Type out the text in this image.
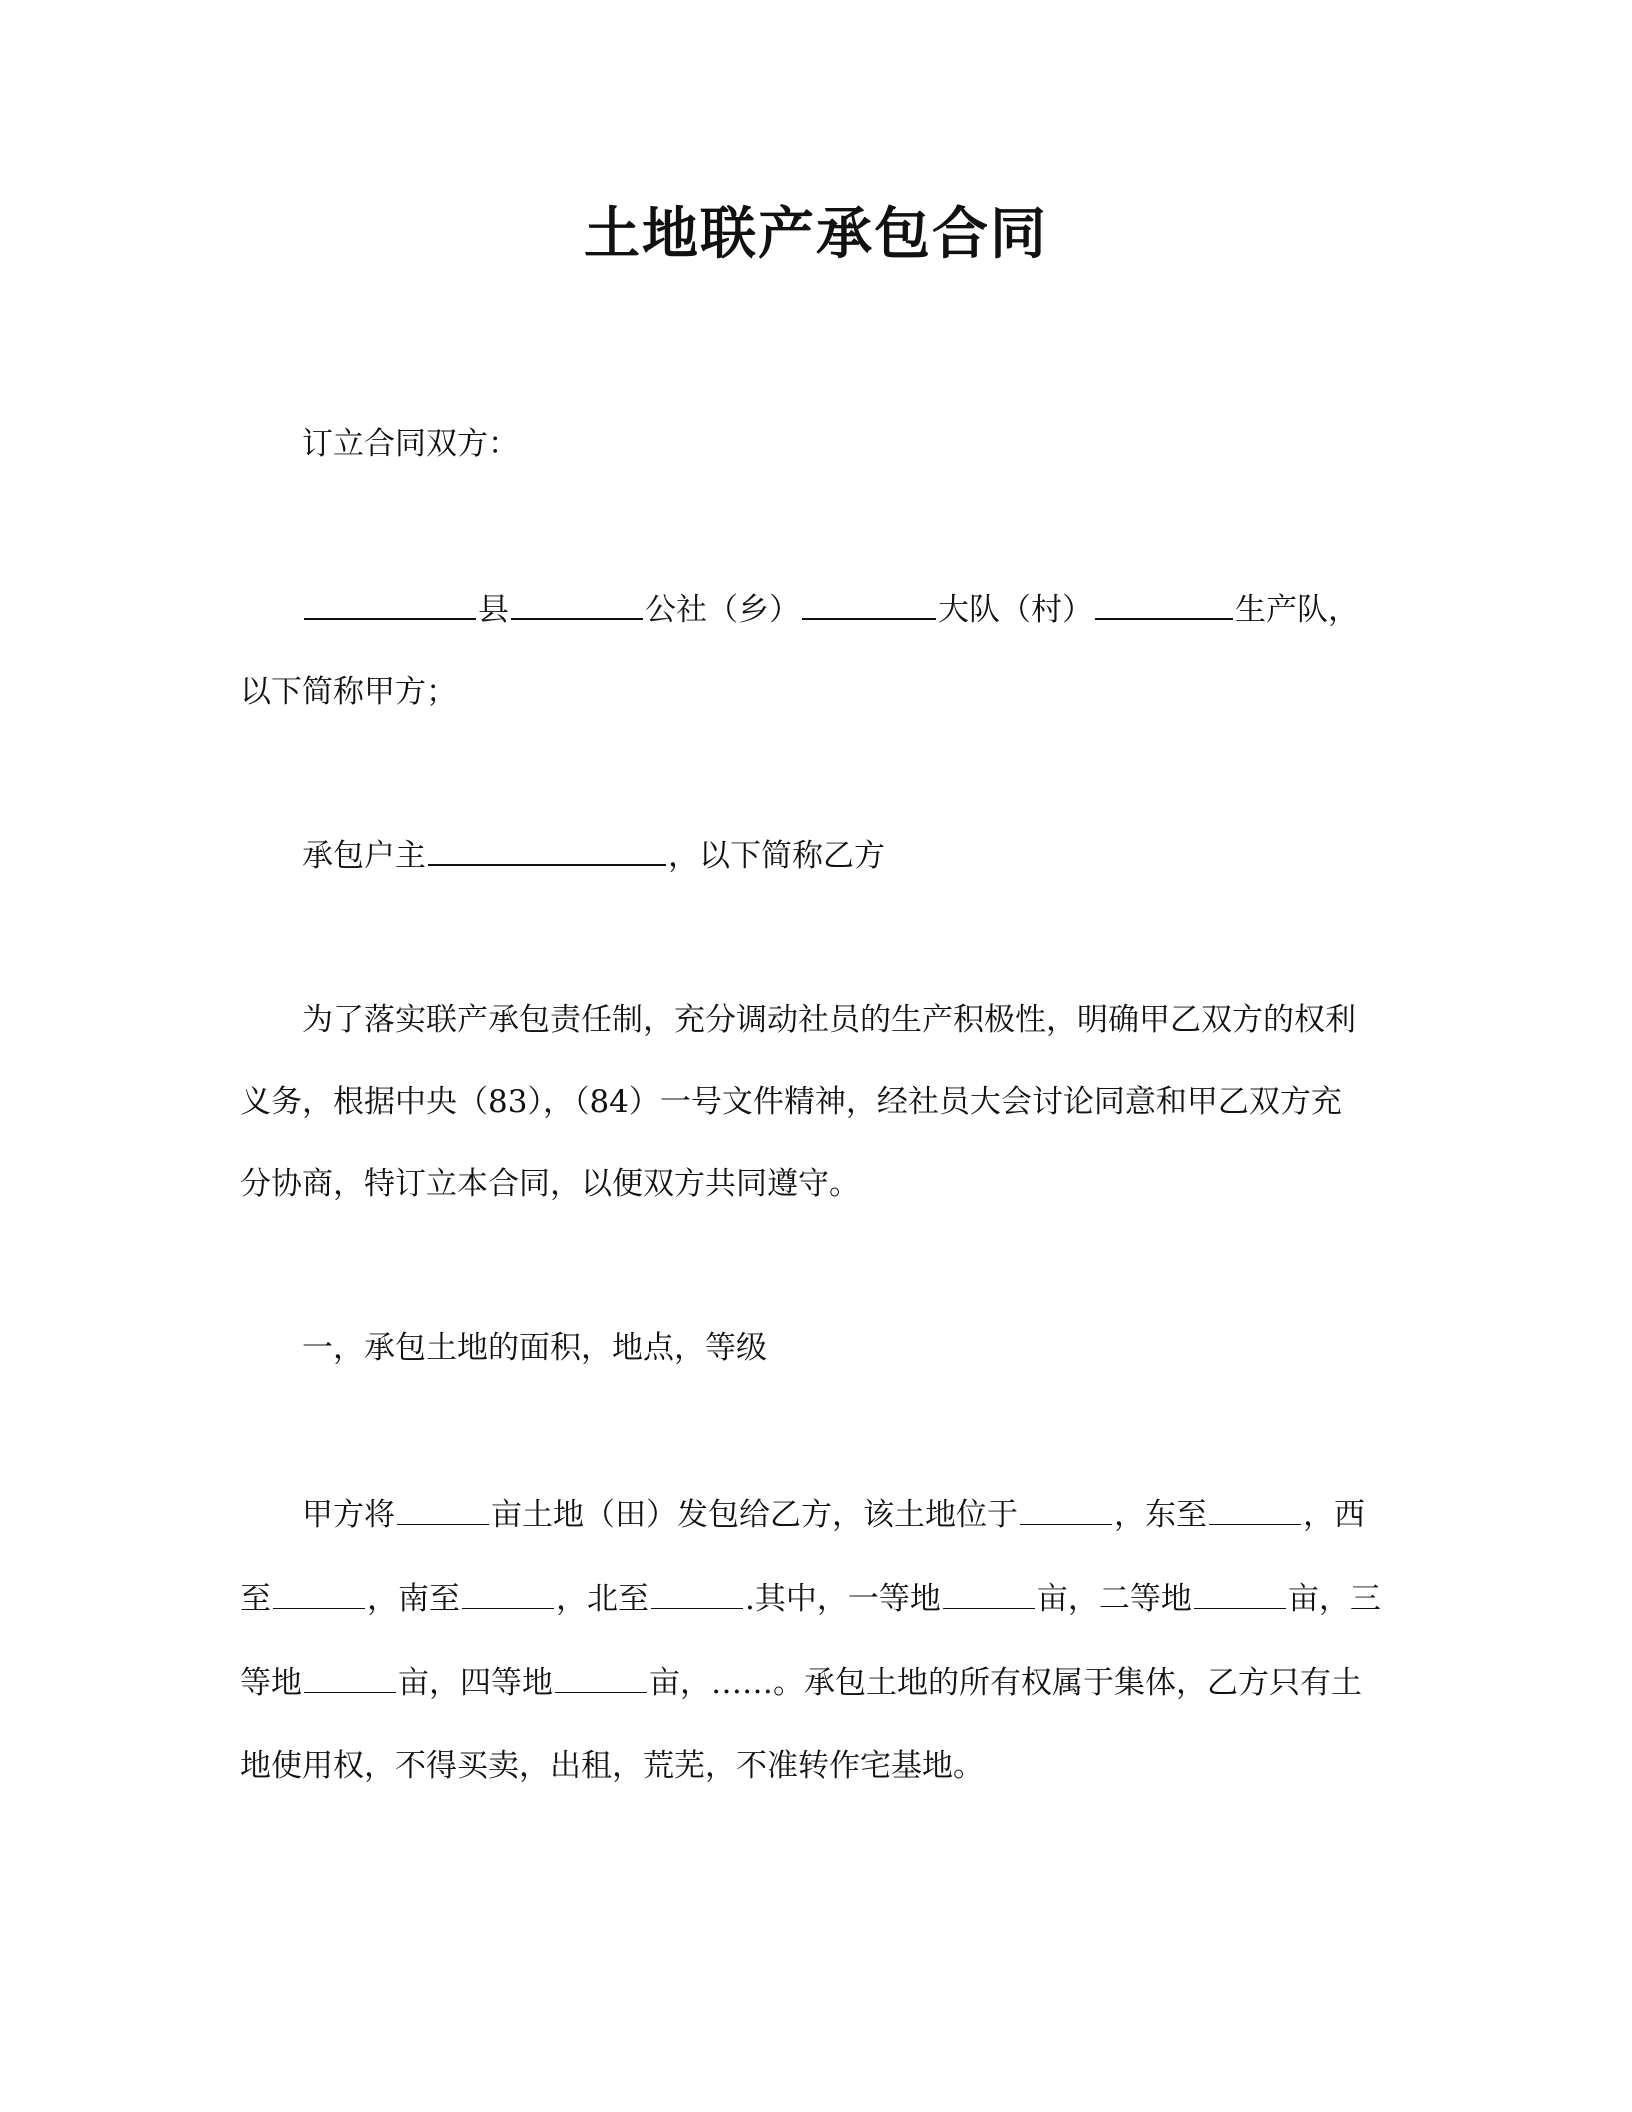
土地联产承包合同

订立合同双方：

县	公社（乡）	大队（村）	生产队，

以下简称甲方；

承包户主	，以下简称乙方

为了落实联产承包责任制，充分调动社员的生产积极性，明确甲乙双方的权利

义务，根据中央（83），（84）一号文件精神，经社员大会讨论同意和甲乙双方充

分协商，特订立本合同，以便双方共同遵守。

一，承包土地的面积，地点，等级

甲方将	亩土地（田）发包给乙方，该土地位于	，东至	，西

至	，南至	，北至	.其中，一等地	亩，二等地	亩，三

等地	亩，四等地	亩，……。承包土地的所有权属于集体，乙方只有土

地使用权，不得买卖，出租，荒芜，不准转作宅基地。
